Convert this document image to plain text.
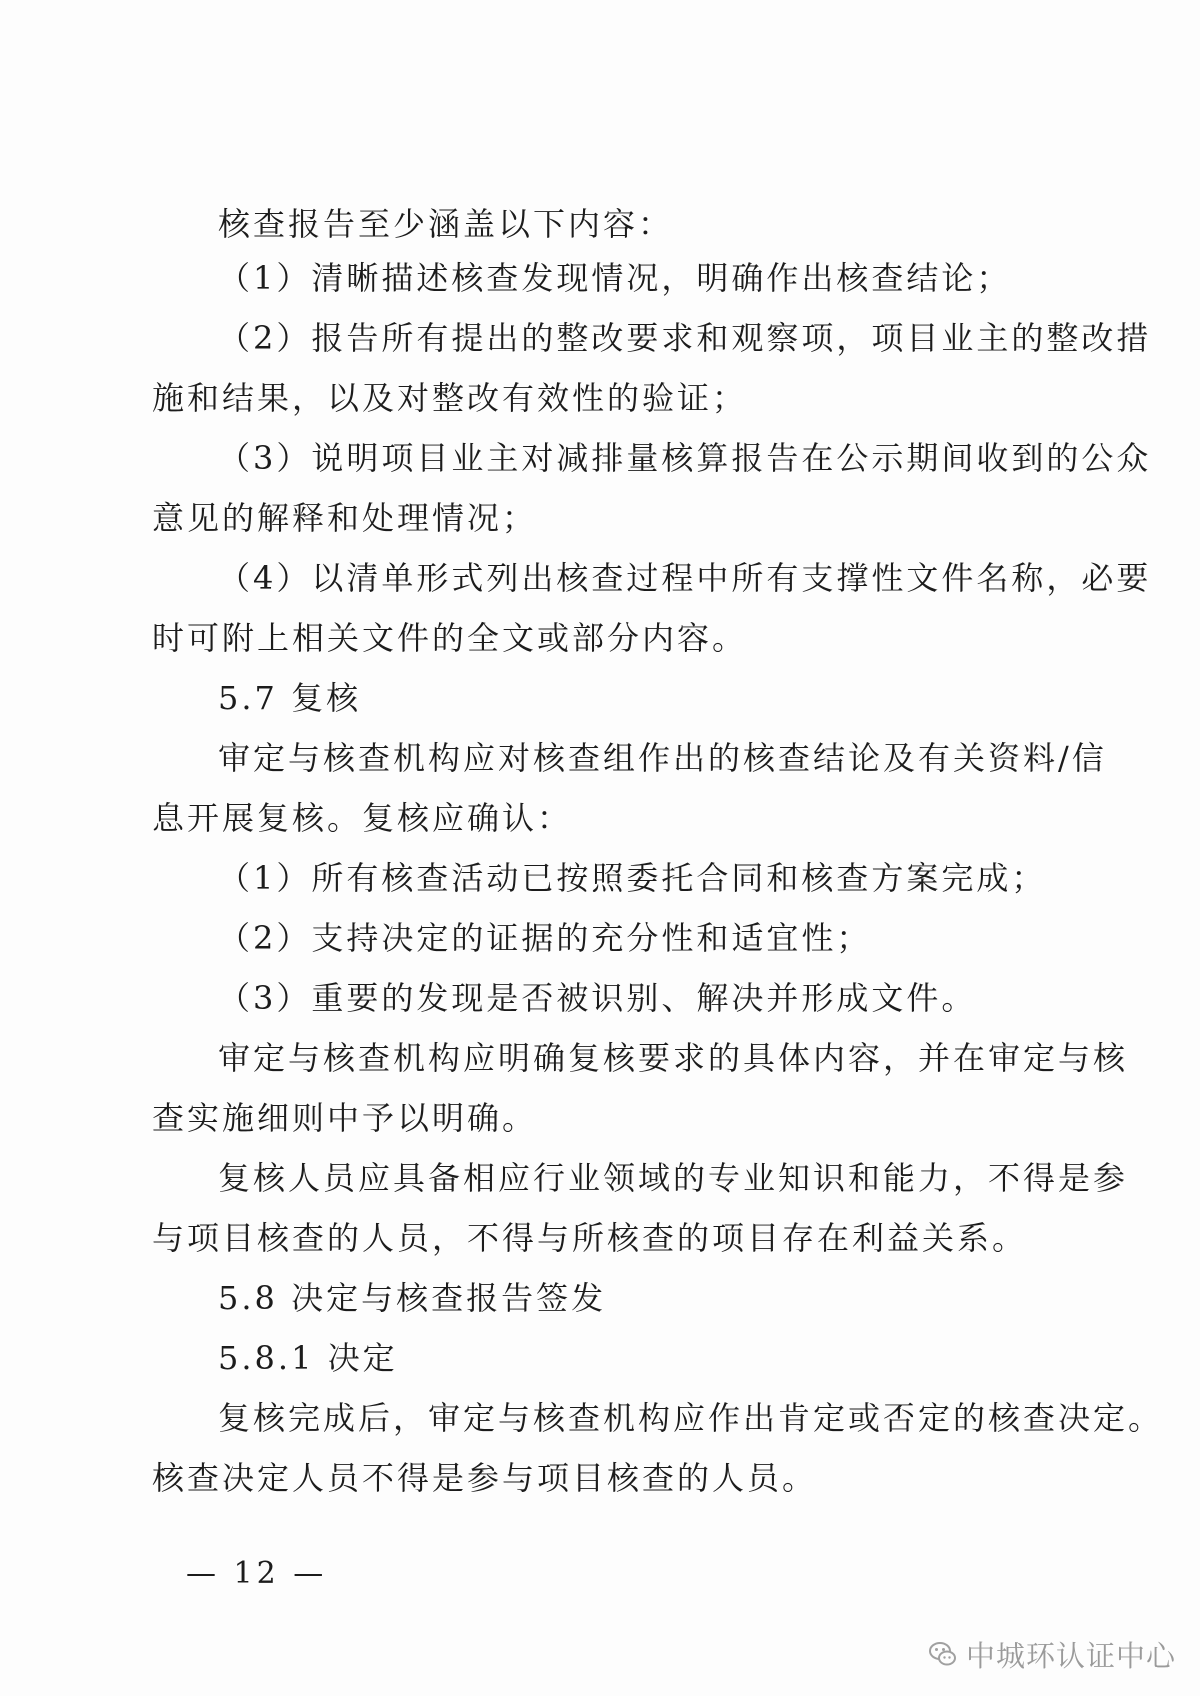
核查报告至少涵盖以下内容：
（1）清晰描述核查发现情况，明确作出核查结论；
（2）报告所有提出的整改要求和观察项，项目业主的整改措
施和结果，以及对整改有效性的验证；
（3）说明项目业主对减排量核算报告在公示期间收到的公众
意见的解释和处理情况；
（4）以清单形式列出核查过程中所有支撑性文件名称，必要
时可附上相关文件的全文或部分内容。
5.7 复核
审定与核查机构应对核查组作出的核查结论及有关资料/信
息开展复核。复核应确认：
（1）所有核查活动已按照委托合同和核查方案完成；
（2）支持决定的证据的充分性和适宜性；
（3）重要的发现是否被识别、解决并形成文件。
审定与核查机构应明确复核要求的具体内容，并在审定与核
查实施细则中予以明确。
复核人员应具备相应行业领域的专业知识和能力，不得是参
与项目核查的人员，不得与所核查的项目存在利益关系。
5.8 决定与核查报告签发
5.8.1 决定
复核完成后，审定与核查机构应作出肯定或否定的核查决定。
核查决定人员不得是参与项目核查的人员。
— 12 —
中城环认证中心
